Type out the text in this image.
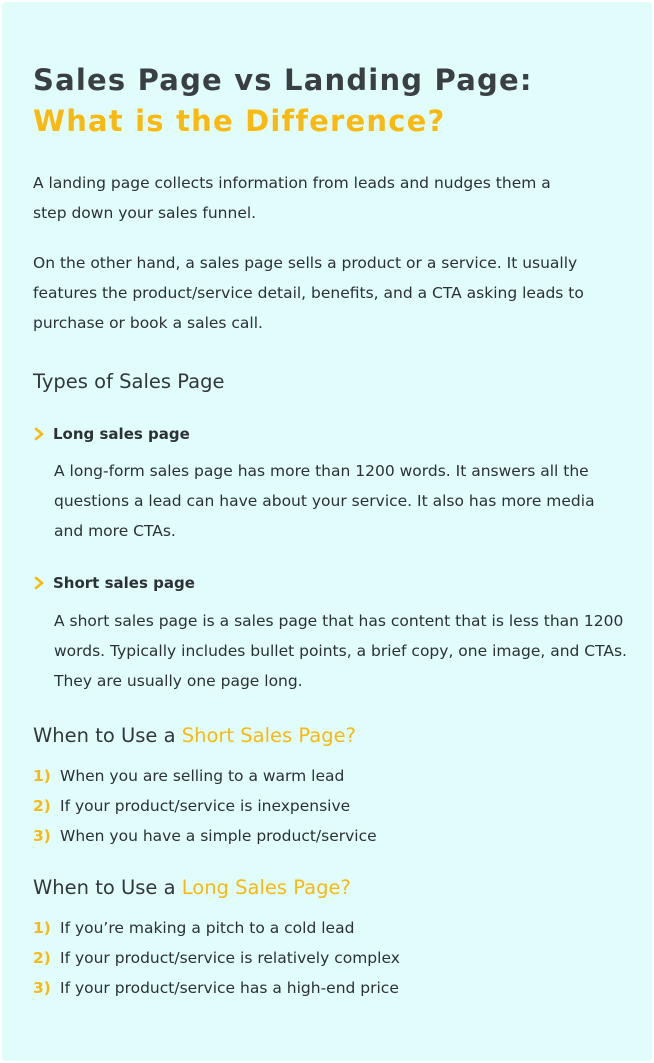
Sales Page vs Landing Page:
What is the Difference?

A landing page collects information from leads and nudges them a
step down your sales funnel.

On the other hand, a sales page sells a product or a service. It usually
features the product/service detail, benefits, and a CTA asking leads to
purchase or book a sales call.

Types of Sales Page
Long sales page

A long-form sales page has more than 1200 words. It answers all the
questions a lead can have about your service. It also has more media
and more CTAs.

Short sales page

A short sales page is a sales page that has content that is less than 1200
words. Typically includes bullet points, a brief copy, one image, and CTAs.
They are usually one page long.

When to Use a Short Sales Page?
1) When you are selling to a warm lead
2) If your product/service is inexpensive
3) When you have a simple product/service
When to Use a Long Sales Page?
1) If you’re making a pitch to a cold lead
2) If your product/service is relatively complex
3) If your product/service has a high-end price
